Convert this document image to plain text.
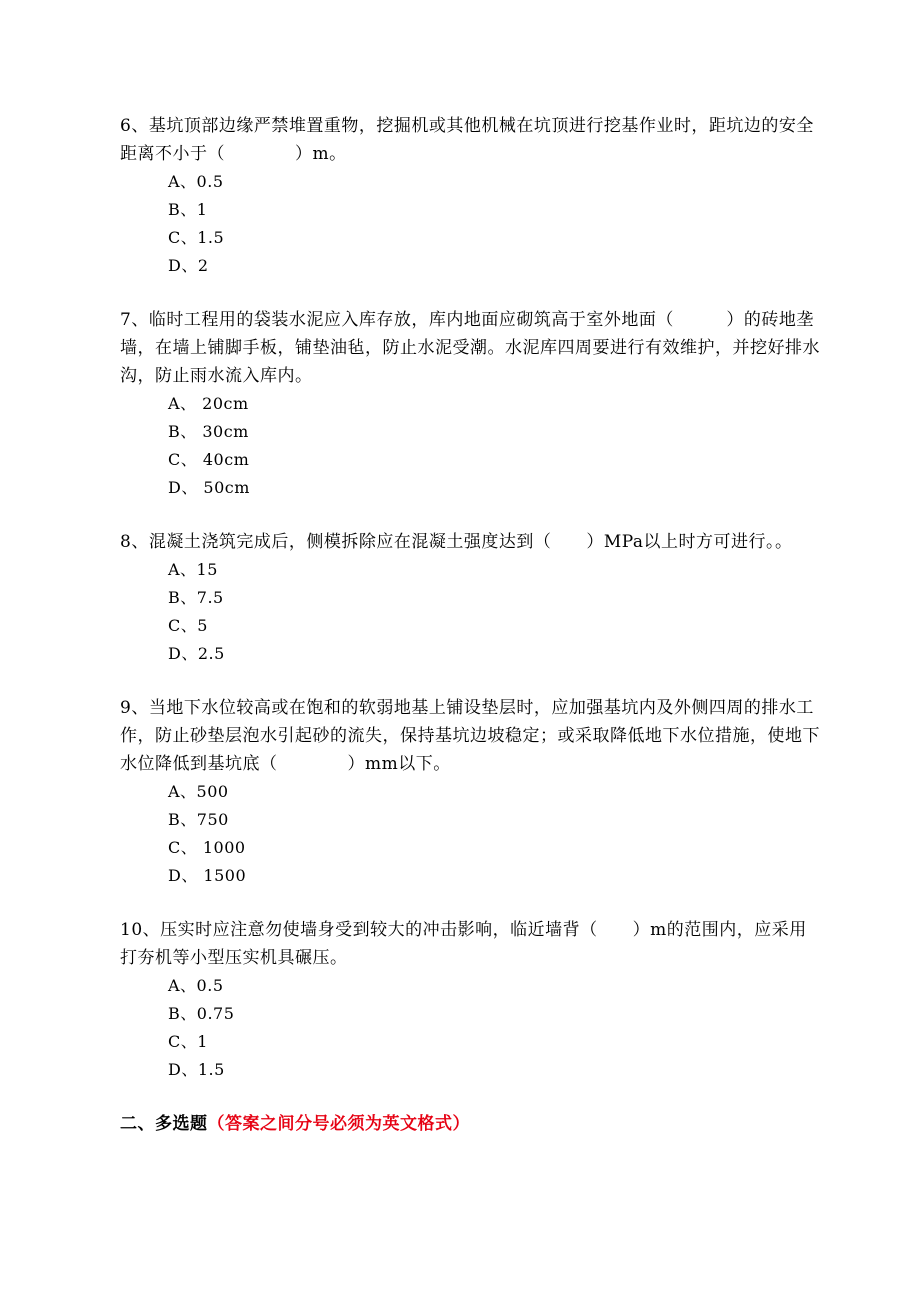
6、基坑顶部边缘严禁堆置重物，挖掘机或其他机械在坑顶进行挖基作业时，距坑边的安全距离不小于（　　　　）m。

A、0.5
B、1
C、1.5
D、2

7、临时工程用的袋装水泥应入库存放，库内地面应砌筑高于室外地面（　　　）的砖地垄墙，在墙上铺脚手板，铺垫油毡，防止水泥受潮。水泥库四周要进行有效维护，并挖好排水沟，防止雨水流入库内。

A、 20cm
B、 30cm
C、 40cm
D、 50cm

8、混凝土浇筑完成后，侧模拆除应在混凝土强度达到（　　）MPa以上时方可进行。。

A、15
B、7.5
C、5
D、2.5

9、当地下水位较高或在饱和的软弱地基上铺设垫层时，应加强基坑内及外侧四周的排水工作，防止砂垫层泡水引起砂的流失，保持基坑边坡稳定；或采取降低地下水位措施，使地下水位降低到基坑底（　　　　）mm以下。

A、500
B、750
C、 1000
D、 1500

10、压实时应注意勿使墙身受到较大的冲击影响，临近墙背（　　）m的范围内，应采用打夯机等小型压实机具碾压。

A、0.5
B、0.75
C、1
D、1.5
二、多选题（答案之间分号必须为英文格式）
